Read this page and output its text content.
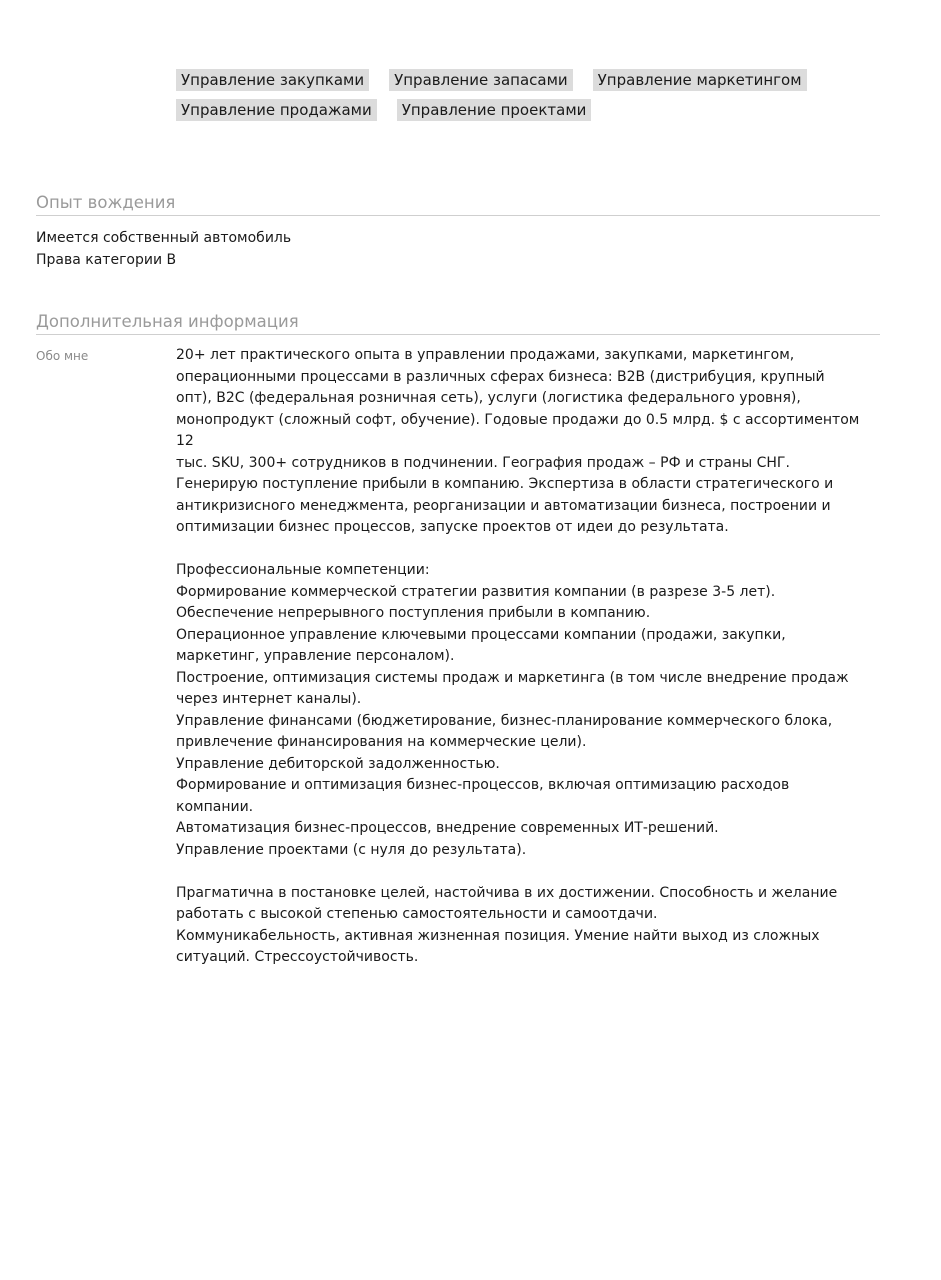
Управление закупками	Управление запасами	Управление маркетингом
Управление продажами	Управление проектами
Опыт вождения
Имеется собственный автомобиль
Права категории B
Дополнительная информация
Обо мне	20+ лет практического опыта в управлении продажами, закупками, маркетингом,
операционными процессами в различных сферах бизнеса: B2B (дистрибуция, крупный
опт), B2C (федеральная розничная сеть), услуги (логистика федерального уровня),
монопродукт (сложный софт, обучение). Годовые продажи до 0.5 млрд. $ с ассортиментом 12
тыс. SKU, 300+ сотрудников в подчинении. География продаж – РФ и страны СНГ.
Генерирую поступление прибыли в компанию. Экспертиза в области стратегического и
антикризисного менеджмента, реорганизации и автоматизации бизнеса, построении и
оптимизации бизнес процессов, запуске проектов от идеи до результата.
Профессиональные компетенции:
Формирование коммерческой стратегии развития компании (в разрезе 3-5 лет).
Обеспечение непрерывного поступления прибыли в компанию.
Операционное управление ключевыми процессами компании (продажи, закупки,
маркетинг, управление персоналом).
Построение, оптимизация системы продаж и маркетинга (в том числе внедрение продаж
через интернет каналы).
Управление финансами (бюджетирование, бизнес-планирование коммерческого блока,
привлечение финансирования на коммерческие цели).
Управление дебиторской задолженностью.
Формирование и оптимизация бизнес-процессов, включая оптимизацию расходов
компании.
Автоматизация бизнес-процессов, внедрение современных ИТ-решений.
Управление проектами (с нуля до результата).
Прагматична в постановке целей, настойчива в их достижении. Способность и желание
работать с высокой степенью самостоятельности и самоотдачи.
Коммуникабельность, активная жизненная позиция. Умение найти выход из сложных
ситуаций. Стрессоустойчивость.
